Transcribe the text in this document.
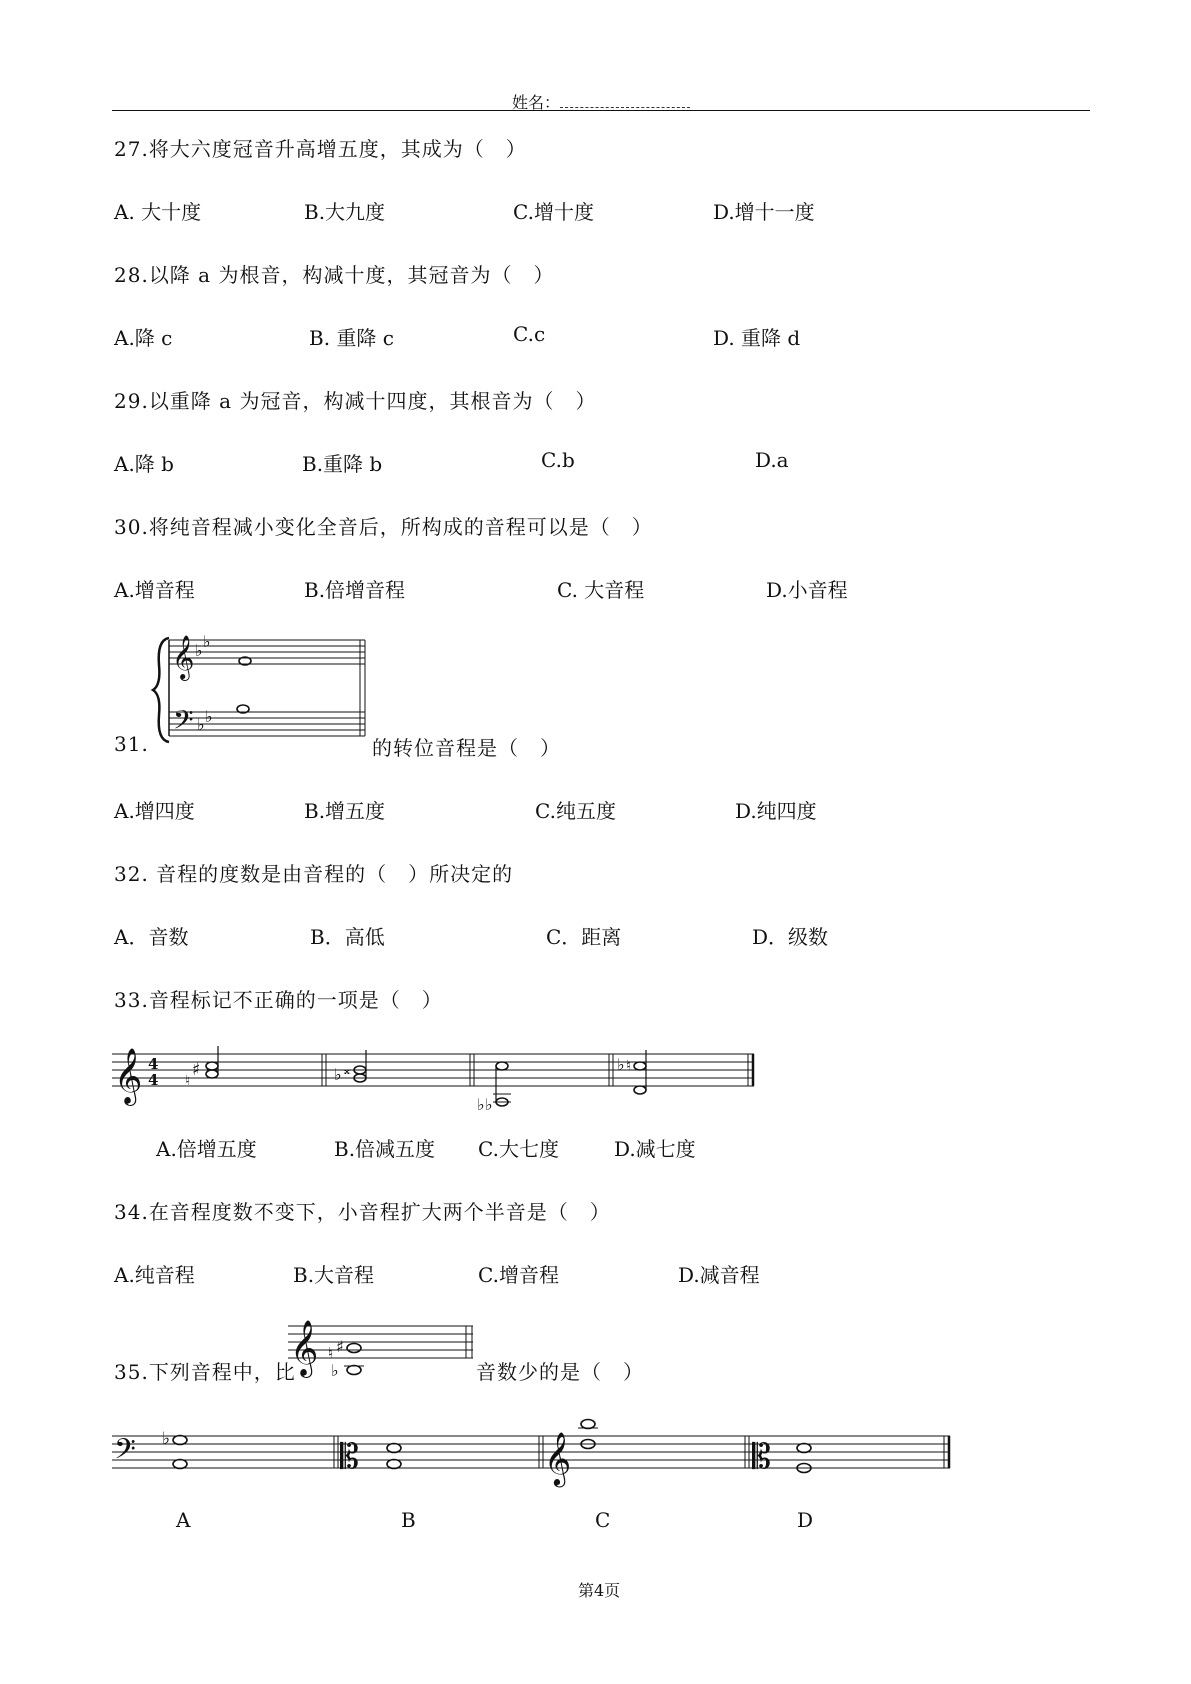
姓名：
27.将大六度冠音升高增五度，其成为（　）
A. 大十度	B.大九度	C.增十度	D.增十一度
28.以降 a 为根音，构减十度，其冠音为（　）
A.降 c	B. 重降 c	C.c	D. 重降 d
29.以重降 a 为冠音，构减十四度，其根音为（　）
A.降 b	B.重降 b	C.b	D.a
30.将纯音程减小变化全音后，所构成的音程可以是（　）
A.增音程	B.倍增音程	C. 大音程	D.小音程
31.
𝄞 ♭ ♭
𝄢 ♭ ♭
的转位音程是（　）
A.增四度	B.增五度	C.纯五度	D.纯四度
32. 音程的度数是由音程的（　）所决定的
A．音数	B．高低	C．距离	D．级数
33.音程标记不正确的一项是（　）
𝄞 4
4 ♮
♯	♭ 𝄪
♭ ♭
♭ ♮
A.倍增五度	B.倍减五度 C.大七度	D.减七度
34.在音程度数不变下，小音程扩大两个半音是（　）
A.纯音程	B.大音程	C.增音程	D.减音程
35.下列音程中，比
𝄞 ♮ ♯
♭	音数少的是（　）
𝄢 ♭	𝄡	𝄞	𝄡
A	B	C	D
第4页
